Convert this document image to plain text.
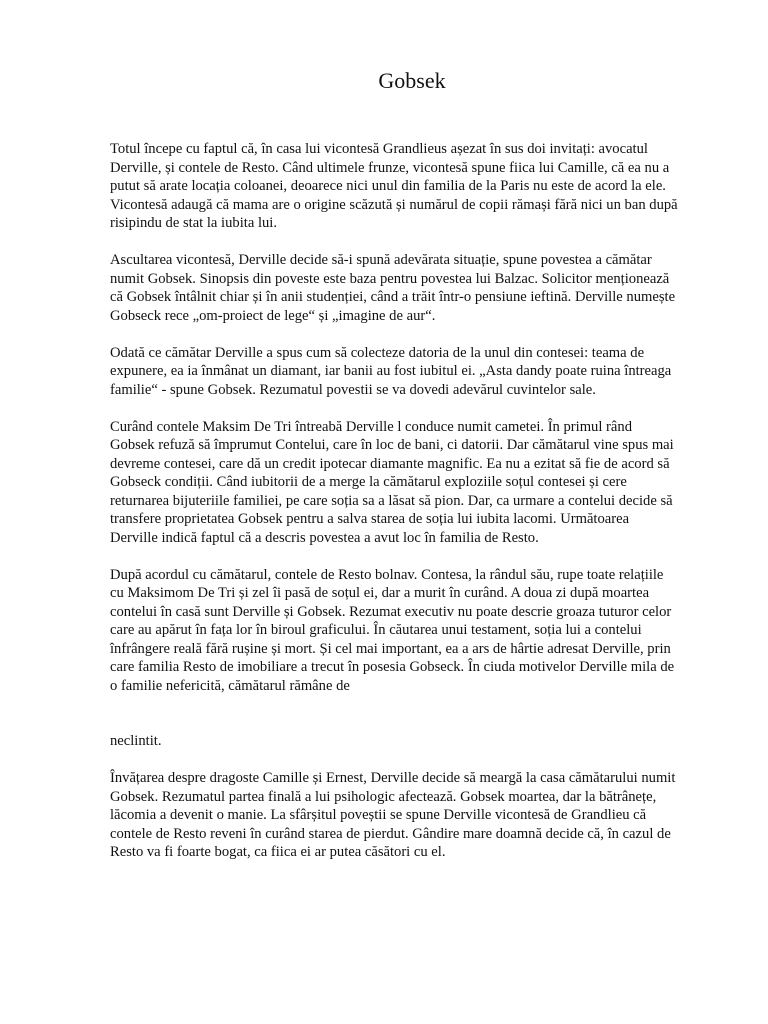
Gobsek

Totul începe cu faptul că, în casa lui vicontesă Grandlieus așezat în sus doi invitați: avocatul Derville, și contele de Resto. Când ultimele frunze, vicontesă spune fiica lui Camille, că ea nu a putut să arate locația coloanei, deoarece nici unul din familia de la Paris nu este de acord la ele. Vicontesă adaugă că mama are o origine scăzută și numărul de copii rămași fără nici un ban după risipindu de stat la iubita lui.

Ascultarea vicontesă, Derville decide să-i spună adevărata situație, spune povestea a cămătar numit Gobsek. Sinopsis din poveste este baza pentru povestea lui Balzac. Solicitor menționează că Gobsek întâlnit chiar și în anii studenției, când a trăit într-o pensiune ieftină. Derville numește Gobseck rece „om-proiect de lege“ și „imagine de aur“.

Odată ce cămătar Derville a spus cum să colecteze datoria de la unul din contesei: teama de expunere, ea ia înmânat un diamant, iar banii au fost iubitul ei. „Asta dandy poate ruina întreaga familie“ - spune Gobsek. Rezumatul povestii se va dovedi adevărul cuvintelor sale.

Curând contele Maksim De Tri întreabă Derville l conduce numit cametei. În primul rând Gobsek refuză să împrumut Contelui, care în loc de bani, ci datorii. Dar cămătarul vine spus mai devreme contesei, care dă un credit ipotecar diamante magnific. Ea nu a ezitat să fie de acord să Gobseck condiții. Când iubitorii de a merge la cămătarul exploziile soțul contesei și cere returnarea bijuteriile familiei, pe care soția sa a lăsat să pion. Dar, ca urmare a contelui decide să transfere proprietatea Gobsek pentru a salva starea de soția lui iubita lacomi. Următoarea Derville indică faptul că a descris povestea a avut loc în familia de Resto.

După acordul cu cămătarul, contele de Resto bolnav. Contesa, la rândul său, rupe toate relațiile cu Maksimom De Tri și zel îi pasă de soțul ei, dar a murit în curând. A doua zi după moartea contelui în casă sunt Derville și Gobsek. Rezumat executiv nu poate descrie groaza tuturor celor care au apărut în fața lor în biroul graficului. În căutarea unui testament, soția lui a contelui înfrângere reală fără rușine și mort. Și cel mai important, ea a ars de hârtie adresat Derville, prin care familia Resto de imobiliare a trecut în posesia Gobseck. În ciuda motivelor Derville mila de o familie nefericită, cămătarul rămâne de

neclintit.

Învățarea despre dragoste Camille și Ernest, Derville decide să meargă la casa cămătarului numit Gobsek. Rezumatul partea finală a lui psihologic afectează. Gobsek moartea, dar la bătrânețe, lăcomia a devenit o manie. La sfârșitul poveștii se spune Derville vicontesă de Grandlieu că contele de Resto reveni în curând starea de pierdut. Gândire mare doamnă decide că, în cazul de Resto va fi foarte bogat, ca fiica ei ar putea căsători cu el.
